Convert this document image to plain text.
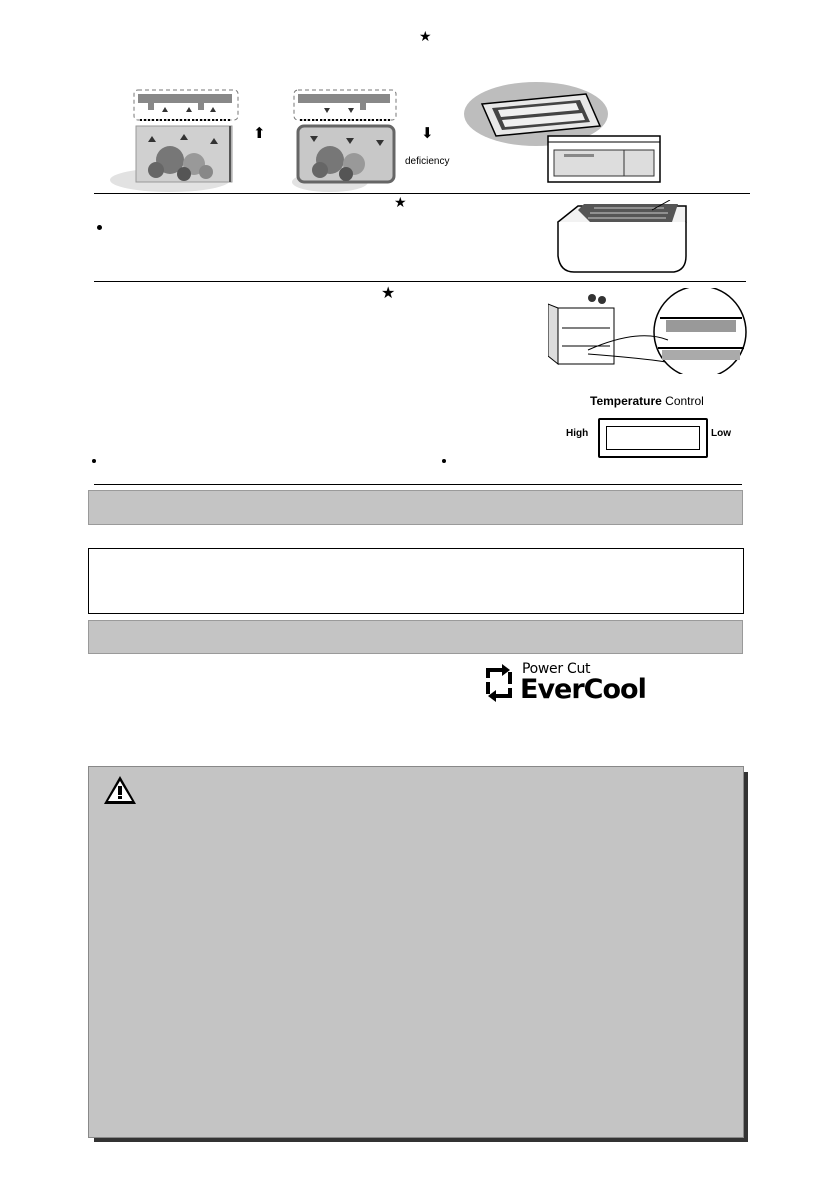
★
⬆	⬇
deficiency
★
★
Temperature Control
High	Low
Power Cut
EverCool
